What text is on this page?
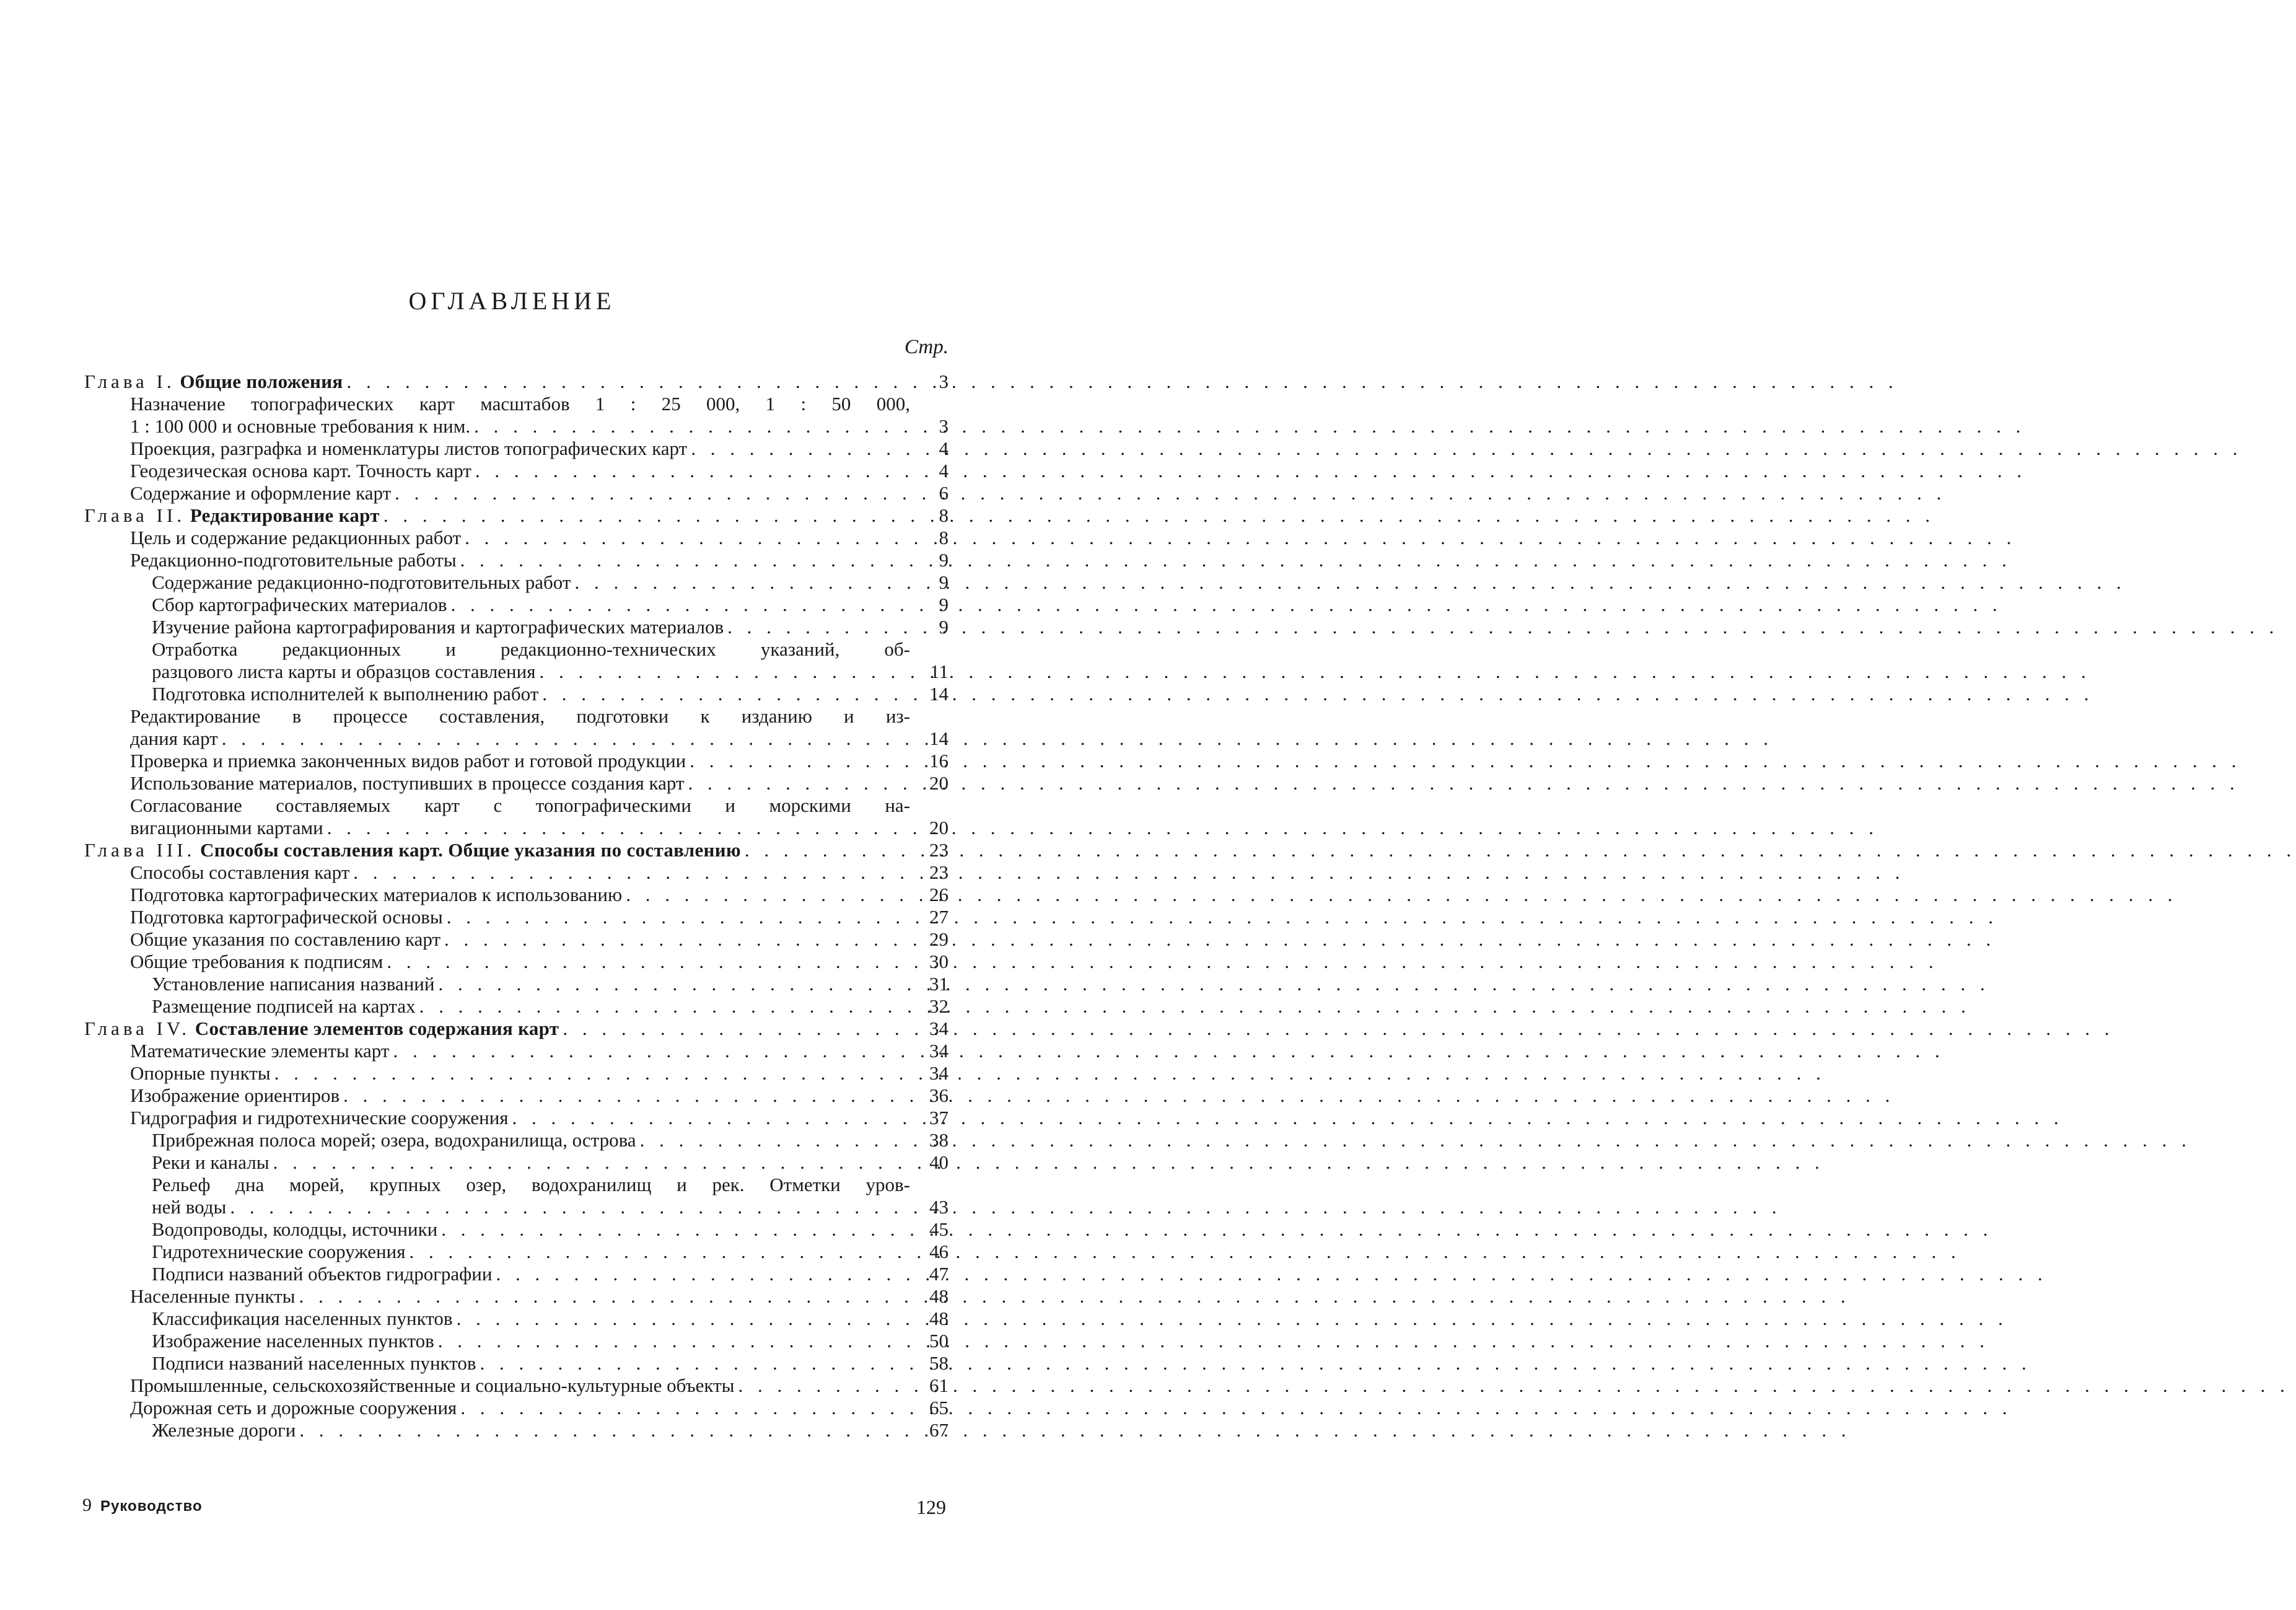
ОГЛАВЛЕНИЕ
Стр.
Глава I. Общие положения . . .	3
Назначение топографических карт масштабов 1 : 25 000, 1 : 50 000,
1 : 100 000 и основные требования к ним. . . .	3
Проекция, разграфка и номенклатуры листов топографических карт . . .	4
Геодезическая основа карт. Точность карт . . .	4
Содержание и оформление карт . . .	6
Глава II. Редактирование карт . . .	8
Цель и содержание редакционных работ . . .	8
Редакционно-подготовительные работы . . .	9
Содержание редакционно-подготовительных работ . . .	9
Сбор картографических материалов . . .	9
Изучение района картографирования и картографических материалов . . .	9
Отработка редакционных и редакционно-технических указаний, об-
разцового листа карты и образцов составления . . .	11
Подготовка исполнителей к выполнению работ . . .	14
Редактирование в процессе составления, подготовки к изданию и из-
дания карт . . .	14
Проверка и приемка законченных видов работ и готовой продукции . . .	16
Использование материалов, поступивших в процессе создания карт . . .	20
Согласование составляемых карт с топографическими и морскими на-
вигационными картами . . .	20
Глава III. Способы составления карт. Общие указания по составлению . . .	23
Способы составления карт . . .	23
Подготовка картографических материалов к использованию . . .	26
Подготовка картографической основы . . .	27
Общие указания по составлению карт . . .	29
Общие требования к подписям . . .	30
Установление написания названий . . .	31
Размещение подписей на картах . . .	32
Глава IV. Составление элементов содержания карт . . .	34
Математические элементы карт . . .	34
Опорные пункты . . .	34
Изображение ориентиров . . .	36
Гидрография и гидротехнические сооружения . . .	37
Прибрежная полоса морей; озера, водохранилища, острова . . .	38
Реки и каналы . . .	40
Рельеф дна морей, крупных озер, водохранилищ и рек. Отметки уров-
ней воды . . .	43
Водопроводы, колодцы, источники . . .	45
Гидротехнические сооружения . . .	46
Подписи названий объектов гидрографии . . .	47
Населенные пункты . . .	48
Классификация населенных пунктов . . .	48
Изображение населенных пунктов . . .	50
Подписи названий населенных пунктов . . .	58
Промышленные, сельскохозяйственные и социально-культурные объекты . . .	61
Дорожная сеть и дорожные сооружения . . .	65
Железные дороги . . .	67
9 Руководство	129
